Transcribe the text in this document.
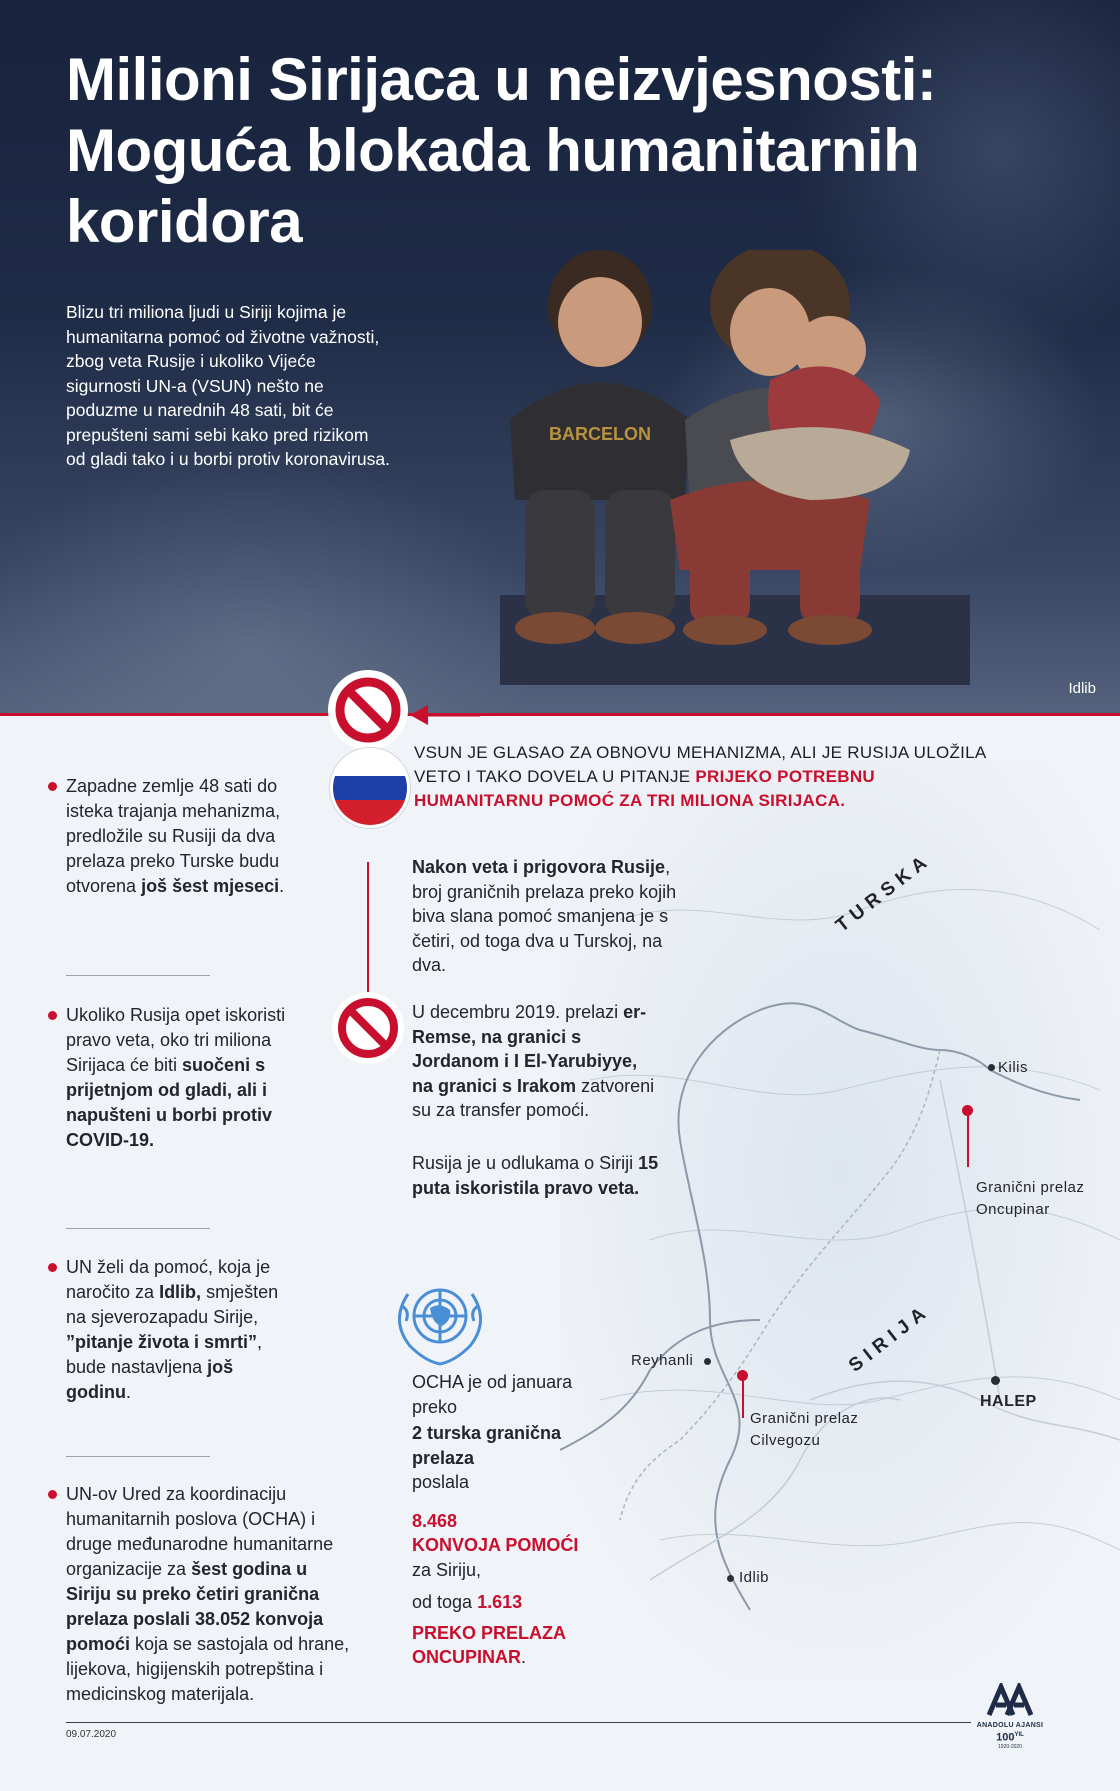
BARCELON
Milioni Sirijaca u neizvjesnosti: Moguća blokada humanitarnih koridora

Blizu tri miliona ljudi u Siriji kojima je humanitarna pomoć od životne važnosti, zbog veta Rusije i ukoliko Vijeće sigurnosti UN-a (VSUN) nešto ne poduzme u narednih 48 sati, bit će prepušteni sami sebi kako pred rizikom od gladi tako i u borbi protiv koronavirusa.

Idlib
TURSKA
SIRIJA
Kilis
Reyhanli
HALEP
Idlib
Granični prelaz
Oncupinar
Granični prelaz
Cilvegozu
VSUN JE GLASAO ZA OBNOVU MEHANIZMA, ALI JE RUSIJA ULOŽILA VETO I TAKO DOVELA U PITANJE PRIJEKO POTREBNU HUMANITARNU POMOĆ ZA TRI MILIONA SIRIJACA.
Zapadne zemlje 48 sati do isteka trajanja mehanizma, predložile su Rusiji da dva prelaza preko Turske budu otvorena još šest mjeseci.
Ukoliko Rusija opet iskoristi pravo veta, oko tri miliona Sirijaca će biti suočeni s prijetnjom od gladi, ali i napušteni u borbi protiv COVID-19.
UN želi da pomoć, koja je naročito za Idlib, smješten na sjeverozapadu Sirije, ”pitanje života i smrti”, bude nastavljena još godinu.
UN-ov Ured za koordinaciju humanitarnih poslova (OCHA) i druge međunarodne humanitarne organizacije za šest godina u Siriju su preko četiri granična prelaza poslali 38.052 konvoja pomoći koja se sastojala od hrane, lijekova, higijenskih potrepština i medicinskog materijala.
Nakon veta i prigovora Rusije, broj graničnih prelaza preko kojih biva slana pomoć smanjena je s četiri, od toga dva u Turskoj, na dva.
U decembru 2019. prelazi er-Remse, na granici s Jordanom i I El-Yarubiyye, na granici s Irakom zatvoreni su za transfer pomoći.
Rusija je u odlukama o Siriji 15 puta iskoristila pravo veta.
OCHA je od januara preko
2 turska granična prelaza
poslala
8.468
KONVOJA POMOĆI
za Siriju,
od toga 1.613
PREKO PRELAZA ONCUPINAR.
09.07.2020
ANADOLU AJANSI
$100^{YIL}$
1920-2020
